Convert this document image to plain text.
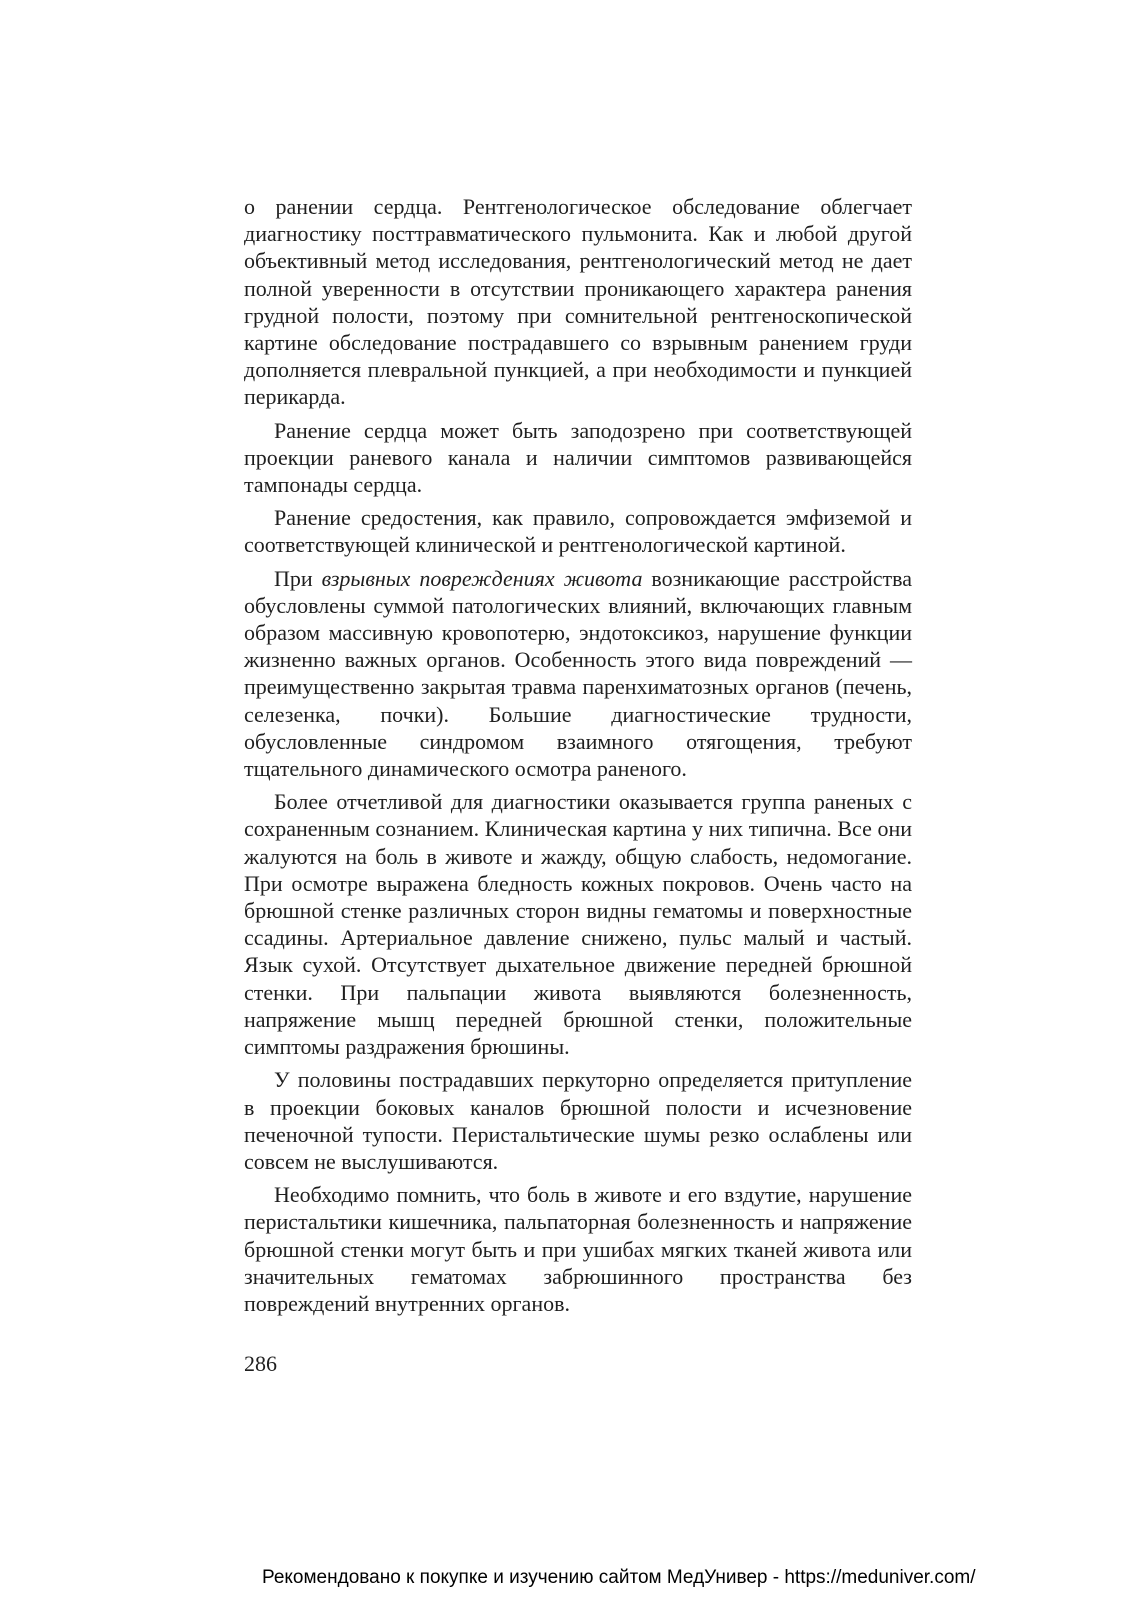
о ранении сердца. Рентгенологическое обследование облегчает диагностику посттравматического пульмонита. Как и любой другой объективный метод исследования, рентгенологический метод не дает полной уверенности в отсутствии проникающего характера ранения грудной полости, поэтому при сомнительной рентгеноскопической картине обследование пострадавшего со взрывным ранением груди дополняется плевральной пункцией, а при необходимости и пункцией перикарда.

Ранение сердца может быть заподозрено при соответствующей проекции раневого канала и наличии симптомов развивающейся тампонады сердца.

Ранение средостения, как правило, сопровождается эмфиземой и соответствующей клинической и рентгенологической картиной.

При взрывных повреждениях живота возникающие расстройства обусловлены суммой патологических влияний, включающих главным образом массивную кровопотерю, эндотоксикоз, нарушение функции жизненно важных органов. Особенность этого вида повреждений — преимущественно закрытая травма паренхиматозных органов (печень, селезенка, почки). Большие диагностические трудности, обусловленные синдромом взаимного отягощения, требуют тщательного динамического осмотра раненого.

Более отчетливой для диагностики оказывается группа раненых с сохраненным сознанием. Клиническая картина у них типична. Все они жалуются на боль в животе и жажду, общую слабость, недомогание. При осмотре выражена бледность кожных покровов. Очень часто на брюшной стенке различных сторон видны гематомы и поверхностные ссадины. Артериальное давление снижено, пульс малый и частый. Язык сухой. Отсутствует дыхательное движение передней брюшной стенки. При пальпации живота выявляются болезненность, напряжение мышц передней брюшной стенки, положительные симптомы раздражения брюшины.

У половины пострадавших перкуторно определяется притупление в проекции боковых каналов брюшной полости и исчезновение печеночной тупости. Перистальтические шумы резко ослаблены или совсем не выслушиваются.

Необходимо помнить, что боль в животе и его вздутие, нарушение перистальтики кишечника, пальпаторная болезненность и напряжение брюшной стенки могут быть и при ушибах мягких тканей живота или значительных гематомах забрюшинного пространства без повреждений внутренних органов.

286
Рекомендовано к покупке и изучению сайтом МедУнивер - https://meduniver.com/
